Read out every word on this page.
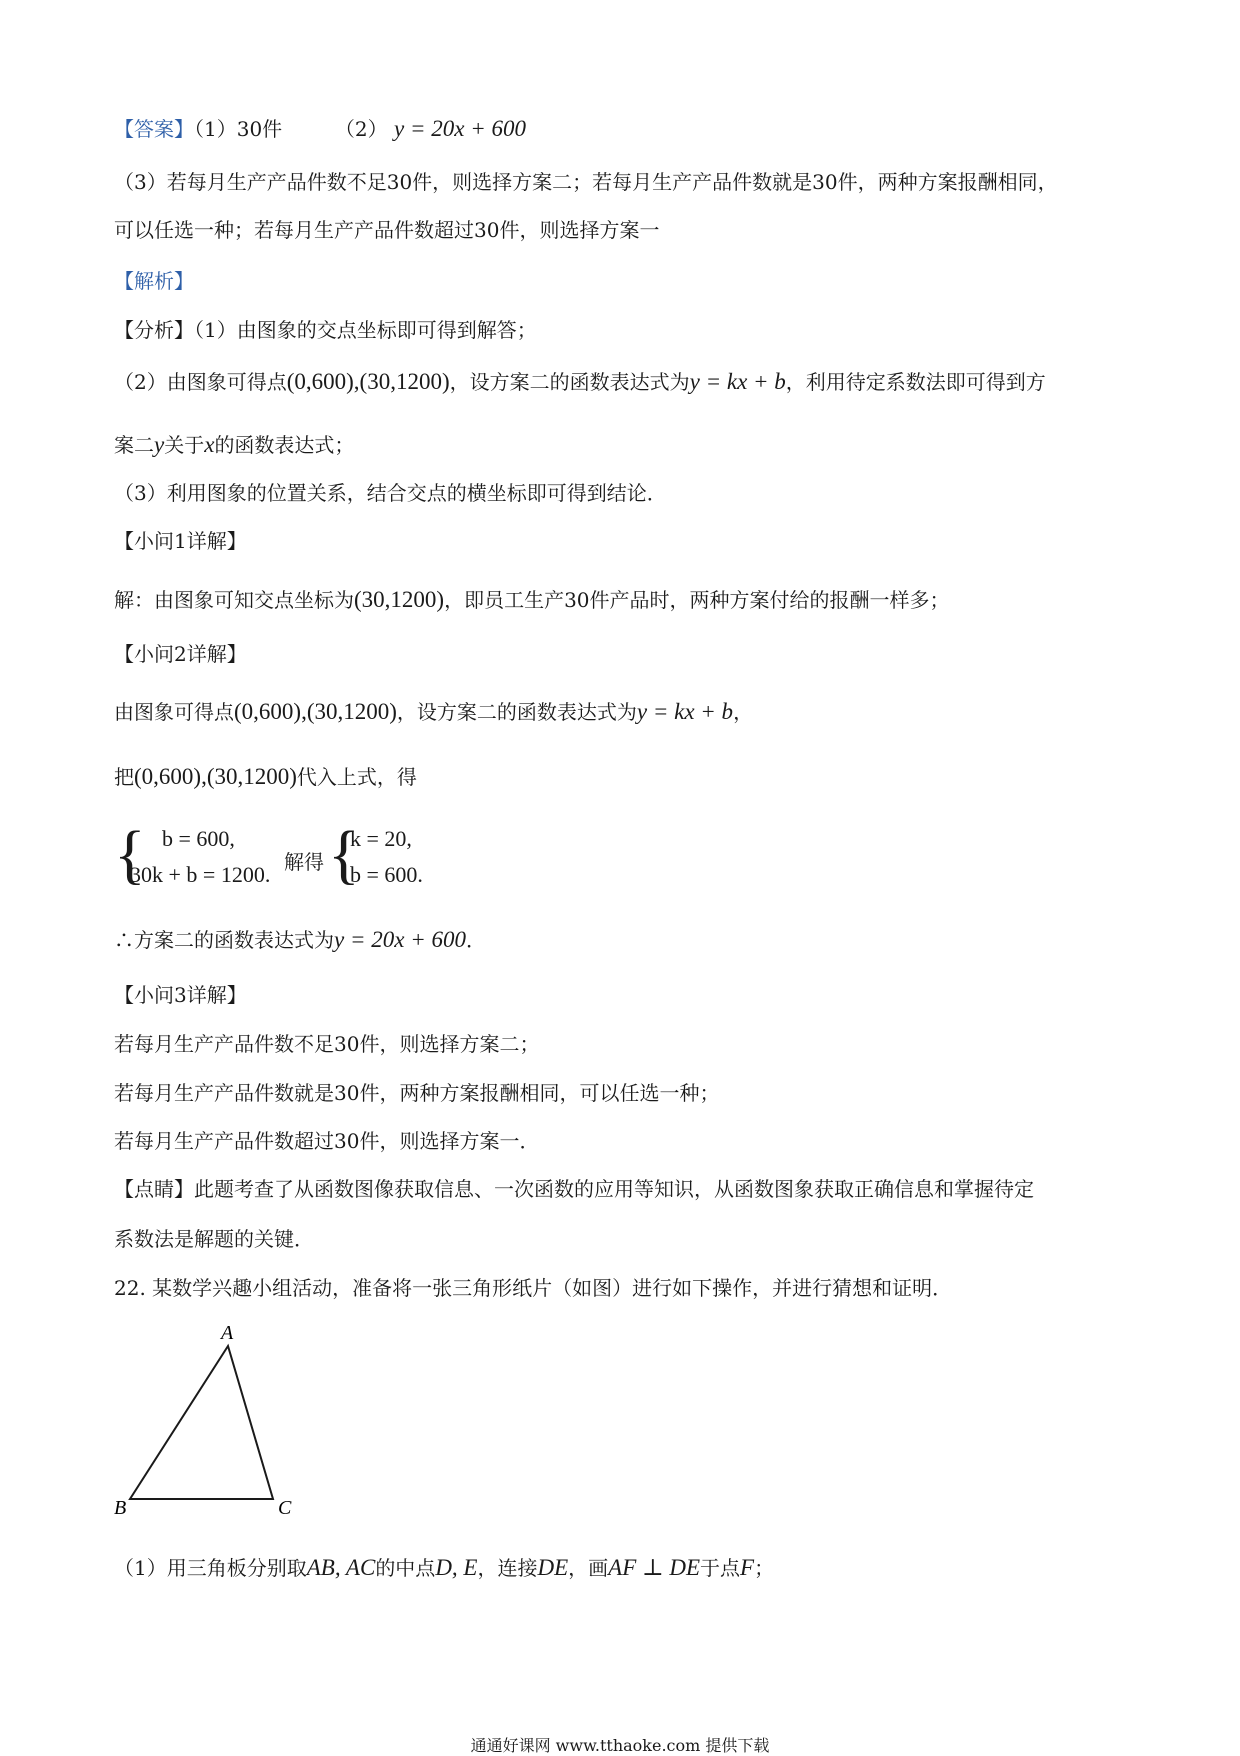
【答案】（1）30件	（2） y = 20x + 600
（3）若每月生产产品件数不足30件，则选择方案二；若每月生产产品件数就是30件，两种方案报酬相同，
可以任选一种；若每月生产产品件数超过30件，则选择方案一
【解析】
【分析】（1）由图象的交点坐标即可得到解答；
（2）由图象可得点(0,600),(30,1200)，设方案二的函数表达式为y = kx + b，利用待定系数法即可得到方
案二y关于x的函数表达式；
（3）利用图象的位置关系，结合交点的横坐标即可得到结论．
【小问1详解】
解：由图象可知交点坐标为(30,1200)，即员工生产30件产品时，两种方案付给的报酬一样多；
【小问2详解】
由图象可得点(0,600),(30,1200)，设方案二的函数表达式为y = kx + b，
把(0,600),(30,1200)代入上式，得
{ b = 600,
30k + b = 1200. 解得 {
k = 20,
b = 600.
∴方案二的函数表达式为y = 20x + 600．
【小问3详解】
若每月生产产品件数不足30件，则选择方案二；
若每月生产产品件数就是30件，两种方案报酬相同，可以任选一种；
若每月生产产品件数超过30件，则选择方案一．
【点睛】此题考查了从函数图像获取信息、一次函数的应用等知识，从函数图象获取正确信息和掌握待定
系数法是解题的关键．
22. 某数学兴趣小组活动，准备将一张三角形纸片（如图）进行如下操作，并进行猜想和证明．
A
B	C
（1）用三角板分别取AB, AC的中点D, E，连接DE，画AF ⊥ DE于点F；
通通好课网 www.tthaoke.com 提供下载
